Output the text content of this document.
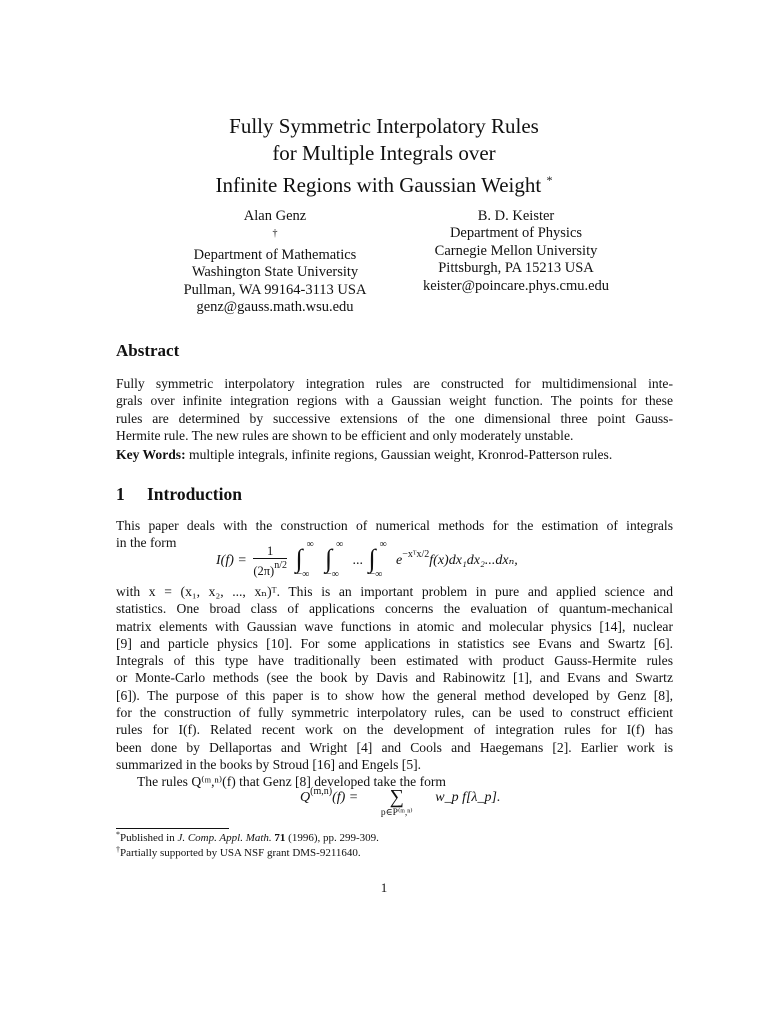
Fully Symmetric Interpolatory Rules
for Multiple Integrals over
Infinite Regions with Gaussian Weight *
Alan Genz
†
Department of Mathematics
Washington State University
Pullman, WA 99164-3113 USA
genz@gauss.math.wsu.edu
B. D. Keister
Department of Physics
Carnegie Mellon University
Pittsburgh, PA 15213 USA
keister@poincare.phys.cmu.edu
Abstract
Fully symmetric interpolatory integration rules are constructed for multidimensional inte-
grals over infinite integration regions with a Gaussian weight function. The points for these
rules are determined by successive extensions of the one dimensional three point Gauss-
Hermite rule. The new rules are shown to be efficient and only moderately unstable.
Key Words: multiple integrals, infinite regions, Gaussian weight, Kronrod-Patterson rules.
1 Introduction
This paper deals with the construction of numerical methods for the estimation of integrals
in the form
$I(f) = \frac{1}{(2\pi)^{n/2}}$
∫ ∞
−∞

∫ ∞
−∞
... ∫ ∞
−∞
$e^{-xᵀx/2}f(x)dx_1dx_2...dx_n$,
with x = (x₁, x₂, ..., xₙ)ᵀ. This is an important problem in pure and applied science and
statistics. One broad class of applications concerns the evaluation of quantum-mechanical
matrix elements with Gaussian wave functions in atomic and molecular physics [14], nuclear
[9] and particle physics [10]. For some applications in statistics see Evans and Swartz [6].
Integrals of this type have traditionally been estimated with product Gauss-Hermite rules
or Monte-Carlo methods (see the book by Davis and Rabinowitz [1], and Evans and Swartz
[6]). The purpose of this paper is to show how the general method developed by Genz [8],
for the construction of fully symmetric interpolatory rules, can be used to construct efficient
rules for I(f). Related recent work on the development of integration rules for I(f) has
been done by Dellaportas and Wright [4] and Cools and Haegemans [2]. Earlier work is
summarized in the books by Stroud [16] and Engels [5].
The rules Q⁽ᵐ,ⁿ⁾(f) that Genz [8] developed take the form
Q$^{(m,n)}$(f) =	∑
p∈P⁽ᵐ,ⁿ⁾
w_p f[λ_p].
*Published in J. Comp. Appl. Math. 71 (1996), pp. 299-309.
†Partially supported by USA NSF grant DMS-9211640.
1
